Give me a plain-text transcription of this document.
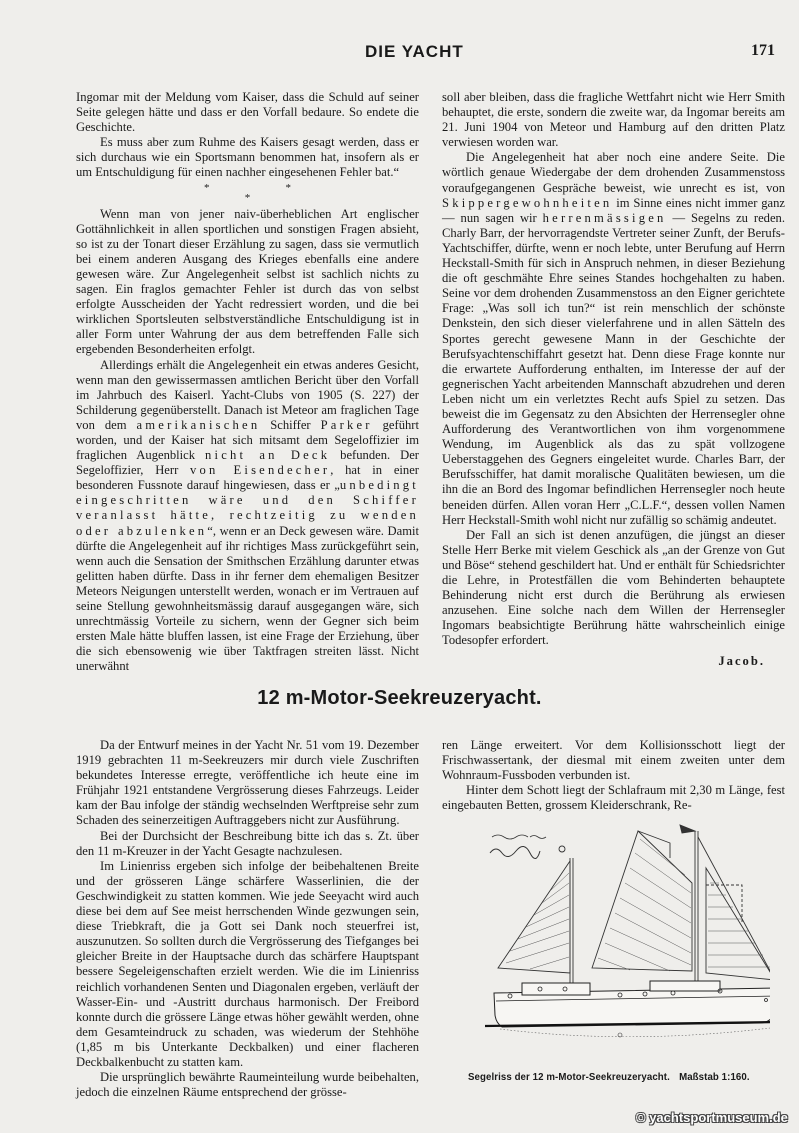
DIE YACHT	171

Ingomar mit der Meldung vom Kaiser, dass die Schuld auf seiner Seite gelegen hätte und dass er den Vorfall bedaure. So endete die Geschichte.

Es muss aber zum Ruhme des Kaisers gesagt werden, dass er sich durchaus wie ein Sportsmann benommen hat, insofern als er um Entschuldigung für einen nachher eingesehenen Fehler bat.“

*	*
*

Wenn man von jener naiv-überheblichen Art englischer Gottähnlichkeit in allen sportlichen und sonstigen Fragen absieht, so ist zu der Tonart dieser Erzählung zu sagen, dass sie vermutlich bei einem anderen Ausgang des Krieges ebenfalls eine andere gewesen wäre. Zur Angelegenheit selbst ist sachlich nichts zu sagen. Ein fraglos gemachter Fehler ist durch das von selbst erfolgte Ausscheiden der Yacht redressiert worden, und die bei wirklichen Sportsleuten selbstverständliche Entschuldigung ist in aller Form unter Wahrung der aus dem betreffenden Falle sich ergebenden Besonderheiten erfolgt.

Allerdings erhält die Angelegenheit ein etwas anderes Gesicht, wenn man den gewissermassen amtlichen Bericht über den Vorfall im Jahrbuch des Kaiserl. Yacht-Clubs von 1905 (S. 227) der Schilderung gegenüberstellt. Danach ist Meteor am fraglichen Tage von dem amerikanischen Schiffer Parker geführt worden, und der Kaiser hat sich mitsamt dem Segeloffizier im fraglichen Augenblick nicht an Deck befunden. Der Segeloffizier, Herr von Eisendecher, hat in einer besonderen Fussnote darauf hingewiesen, dass er „unbedingt eingeschritten wäre und den Schiffer veranlasst hätte, rechtzeitig zu wenden oder abzulenken“, wenn er an Deck gewesen wäre. Damit dürfte die Angelegenheit auf ihr richtiges Mass zurückgeführt sein, wenn auch die Sensation der Smithschen Erzählung darunter etwas gelitten haben dürfte. Dass in ihr ferner dem ehemaligen Besitzer Meteors Neigungen unterstellt werden, wonach er im Vertrauen auf seine Stellung gewohnheitsmässig darauf ausgegangen wäre, sich unrechtmässig Vorteile zu sichern, wenn der Gegner sich beim ersten Male hätte bluffen lassen, ist eine Frage der Erziehung, über die sich ebensowenig wie über Taktfragen streiten lässt. Nicht unerwähnt

soll aber bleiben, dass die fragliche Wettfahrt nicht wie Herr Smith behauptet, die erste, sondern die zweite war, da Ingomar bereits am 21. Juni 1904 von Meteor und Hamburg auf den dritten Platz verwiesen worden war.

Die Angelegenheit hat aber noch eine andere Seite. Die wörtlich genaue Wiedergabe der dem drohenden Zusammenstoss voraufgegangenen Gespräche beweist, wie unrecht es ist, von Skippergewohnheiten im Sinne eines nicht immer ganz — nun sagen wir herrenmässigen — Segelns zu reden. Charly Barr, der hervorragendste Vertreter seiner Zunft, der Berufs-Yachtschiffer, dürfte, wenn er noch lebte, unter Berufung auf Herrn Heckstall-Smith für sich in Anspruch nehmen, in dieser Beziehung die oft geschmähte Ehre seines Standes hochgehalten zu haben. Seine vor dem drohenden Zusammenstoss an den Eigner gerichtete Frage: „Was soll ich tun?“ ist rein menschlich der schönste Denkstein, den sich dieser vielerfahrene und in allen Sätteln des Sportes gerecht gewesene Mann in der Geschichte der Berufsyachtenschiffahrt gesetzt hat. Denn diese Frage konnte nur die erwartete Aufforderung enthalten, im Interesse der auf der gegnerischen Yacht arbeitenden Mannschaft abzudrehen und deren Leben nicht um ein verletztes Recht aufs Spiel zu setzen. Das beweist die im Gegensatz zu den Absichten der Herrensegler ohne Aufforderung des Verantwortlichen von ihm vorgenommene Wendung, im Augenblick als das zu spät vollzogene Ueberstaggehen des Gegners eingeleitet wurde. Charles Barr, der Berufsschiffer, hat damit moralische Qualitäten bewiesen, um die ihn die an Bord des Ingomar befindlichen Herrensegler noch heute beneiden dürfen. Allen voran Herr „C.L.F.“, dessen vollen Namen Herr Heckstall-Smith wohl nicht nur zufällig so schämig andeutet.

Der Fall an sich ist denen anzufügen, die jüngst an dieser Stelle Herr Berke mit vielem Geschick als „an der Grenze von Gut und Böse“ stehend geschildert hat. Und er enthält für Schiedsrichter die Lehre, in Protestfällen die vom Behinderten behauptete Behinderung nicht erst durch die Berührung als erwiesen anzusehen. Eine solche nach dem Willen der Herrensegler Ingomars beabsichtigte Berührung hätte wahrscheinlich einige Todesopfer erfordert.

Jacob.
12 m-Motor-Seekreuzeryacht.

Da der Entwurf meines in der Yacht Nr. 51 vom 19. Dezember 1919 gebrachten 11 m-Seekreuzers mir durch viele Zuschriften bekundetes Interesse erregte, veröffentliche ich heute eine im Frühjahr 1921 entstandene Vergrösserung dieses Fahrzeugs. Leider kam der Bau infolge der ständig wechselnden Werftpreise sehr zum Schaden des seinerzeitigen Auftraggebers nicht zur Ausführung.

Bei der Durchsicht der Beschreibung bitte ich das s. Zt. über den 11 m-Kreuzer in der Yacht Gesagte nachzulesen.

Im Linienriss ergeben sich infolge der beibehaltenen Breite und der grösseren Länge schärfere Wasserlinien, die der Geschwindigkeit zu statten kommen. Wie jede Seeyacht wird auch diese bei dem auf See meist herrschenden Winde gezwungen sein, diese Triebkraft, die ja Gott sei Dank noch steuerfrei ist, auszunutzen. So sollten durch die Vergrösserung des Tiefganges bei gleicher Breite in der Hauptsache durch das schärfere Hauptspant bessere Segeleigenschaften erzielt werden. Wie die im Linienriss reichlich vorhandenen Senten und Diagonalen ergeben, verläuft der Wasser-Ein- und -Austritt durchaus harmonisch. Der Freibord konnte durch die grössere Länge etwas höher gewählt werden, ohne dem Gesamteindruck zu schaden, was wiederum der Stehhöhe (1,85 m bis Unterkante Deckbalken) und einer flacheren Deckbalkenbucht zu statten kam.

Die ursprünglich bewährte Raumeinteilung wurde beibehalten, jedoch die einzelnen Räume entsprechend der grösse-

ren Länge erweitert. Vor dem Kollisionsschott liegt der Frischwassertank, der diesmal mit einem zweiten unter dem Wohnraum-Fussboden verbunden ist.

Hinter dem Schott liegt der Schlafraum mit 2,30 m Länge, fest eingebauten Betten, grossem Kleiderschrank, Re-

Segelriss der 12 m-Motor-Seekreuzeryacht. Maßstab 1:160.
© yachtsportmuseum.de
